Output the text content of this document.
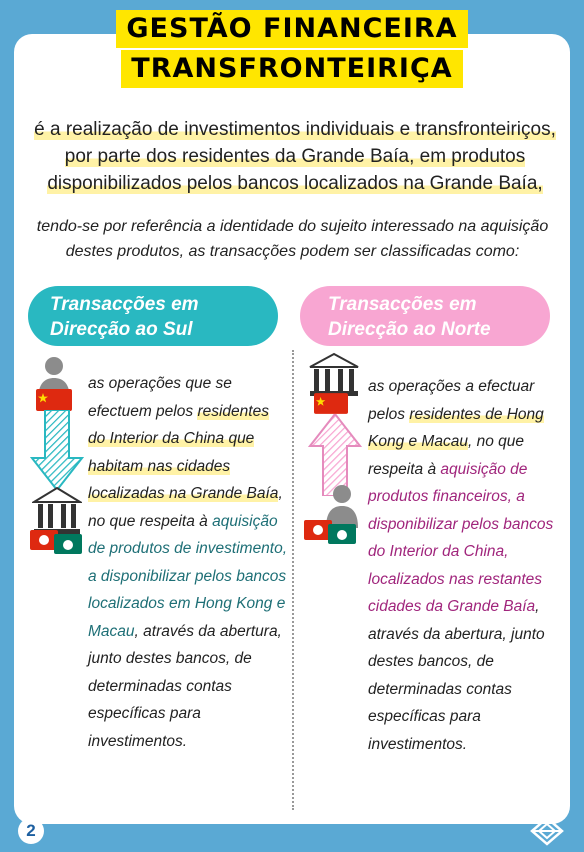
GESTÃO FINANCEIRA
TRANSFRONTEIRIÇA
é a realização de investimentos individuais e transfronteiriços,
por parte dos residentes da Grande Baía, em produtos
disponibilizados pelos bancos localizados na Grande Baía,
tendo-se por referência a identidade do sujeito interessado na aquisição
destes produtos, as transacções podem ser classificadas como:
Transacções em
Direcção ao Sul
Transacções em
Direcção ao Norte
as operações que se efectuem pelos residentes do Interior da China que habitam nas cidades localizadas na Grande Baía, no que respeita à aquisição de produtos de investimento, a disponibilizar pelos bancos localizados em Hong Kong e Macau, através da abertura, junto destes bancos, de determinadas contas específicas para investimentos.
as operações a efectuar pelos residentes de Hong Kong e Macau, no que respeita à aquisição de produtos financeiros, a disponibilizar pelos bancos do Interior da China, localizados nas restantes cidades da Grande Baía, através da abertura, junto destes bancos, de determinadas contas específicas para investimentos.
2
